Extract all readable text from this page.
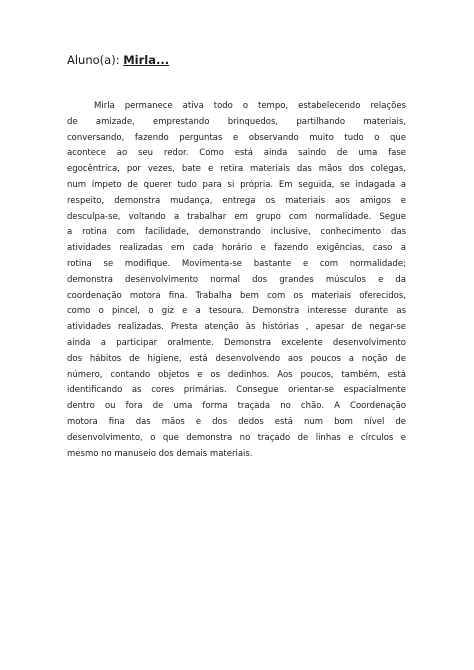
Aluno(a): Mirla...
Mirla permanece ativa todo o tempo, estabelecendo relações
de amizade, emprestando brinquedos, partilhando materiais,
conversando, fazendo perguntas e observando muito tudo o que
acontece ao seu redor. Como está ainda saindo de uma fase
egocêntrica, por vezes, bate e retira materiais das mãos dos colegas,
num ímpeto de querer tudo para si própria. Em seguida, se indagada a
respeito, demonstra mudança, entrega os materiais aos amigos e
desculpa-se, voltando a trabalhar em grupo com normalidade. Segue
a rotina com facilidade, demonstrando inclusive, conhecimento das
atividades realizadas em cada horário e fazendo exigências, caso a
rotina se modifique. Movimenta-se bastante e com normalidade;
demonstra desenvolvimento normal dos grandes músculos e da
coordenação motora fina. Trabalha bem com os materiais oferecidos,
como o pincel, o giz e a tesoura. Demonstra interesse durante as
atividades realizadas. Presta atenção às histórias , apesar de negar-se
ainda a participar oralmente. Demonstra excelente desenvolvimento
dos hábitos de higiene, está desenvolvendo aos poucos a noção de
número, contando objetos e os dedinhos. Aos poucos, também, está
identificando as cores primárias. Consegue orientar-se espacialmente
dentro ou fora de uma forma traçada no chão. A Coordenação
motora fina das mãos e dos dedos está num bom nível de
desenvolvimento, o que demonstra no traçado de linhas e círculos e
mesmo no manuseio dos demais materiais.
